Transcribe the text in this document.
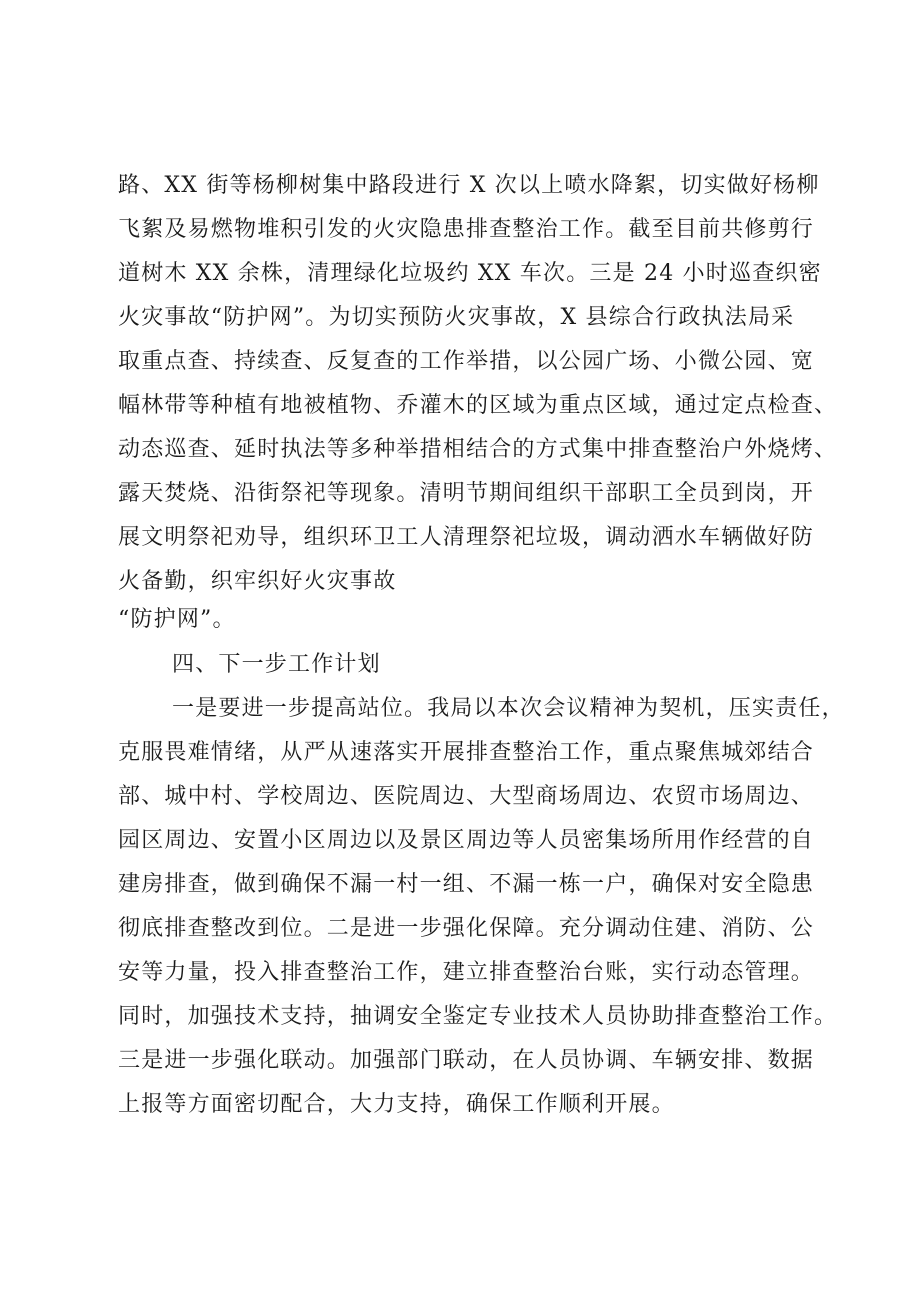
路、XX 街等杨柳树集中路段进行 X 次以上喷水降絮，切实做好杨柳
飞絮及易燃物堆积引发的火灾隐患排查整治工作。截至目前共修剪行
道树木 XX 余株，清理绿化垃圾约 XX 车次。三是 24 小时巡查织密
火灾事故“防护网”。为切实预防火灾事故，X 县综合行政执法局采
取重点查、持续查、反复查的工作举措，以公园广场、小微公园、宽
幅林带等种植有地被植物、乔灌木的区域为重点区域，通过定点检查、
动态巡查、延时执法等多种举措相结合的方式集中排查整治户外烧烤、
露天焚烧、沿街祭祀等现象。清明节期间组织干部职工全员到岗，开
展文明祭祀劝导，组织环卫工人清理祭祀垃圾，调动洒水车辆做好防
火备勤，织牢织好火灾事故
“防护网”。
四、下一步工作计划
一是要进一步提高站位。我局以本次会议精神为契机，压实责任，
克服畏难情绪，从严从速落实开展排查整治工作，重点聚焦城郊结合
部、城中村、学校周边、医院周边、大型商场周边、农贸市场周边、
园区周边、安置小区周边以及景区周边等人员密集场所用作经营的自
建房排查，做到确保不漏一村一组、不漏一栋一户，确保对安全隐患
彻底排查整改到位。二是进一步强化保障。充分调动住建、消防、公
安等力量，投入排查整治工作，建立排查整治台账，实行动态管理。
同时，加强技术支持，抽调安全鉴定专业技术人员协助排查整治工作。
三是进一步强化联动。加强部门联动，在人员协调、车辆安排、数据
上报等方面密切配合，大力支持，确保工作顺利开展。
